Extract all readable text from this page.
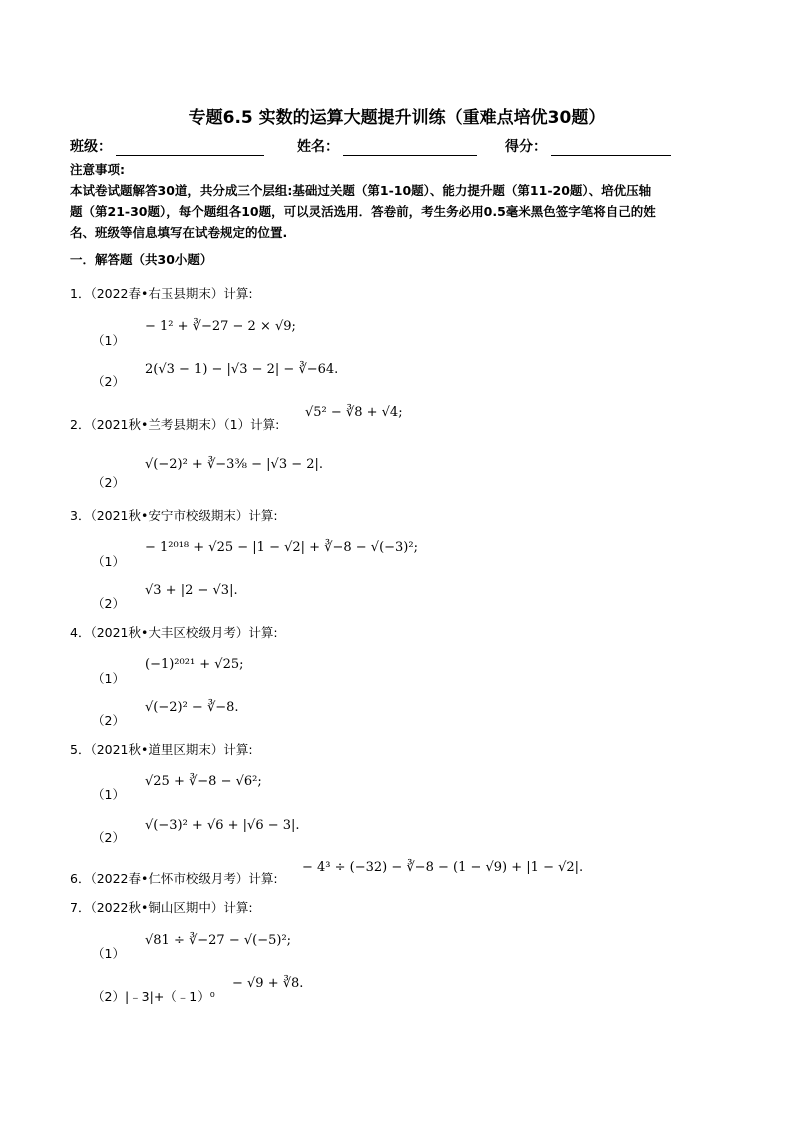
专题6.5 实数的运算大题提升训练（重难点培优30题）
班级：	姓名：	得分：
注意事项:
本试卷试题解答30道，共分成三个层组:基础过关题（第1-10题）、能力提升题（第11-20题）、培优压轴
题（第21-30题），每个题组各10题，可以灵活选用．答卷前，考生务必用0.5毫米黑色签字笔将自己的姓
名、班级等信息填写在试卷规定的位置.
一．解答题（共30小题）
1．（2022春•右玉县期末）计算:
（1）
− 1² + ∛−27 − 2 × √9;
（2）
2(√3 − 1) − |√3 − 2| − ∛−64.
2．（2021秋•兰考县期末）（1）计算:
√5² − ∛8 + √4;
（2）
√(−2)² + ∛−3⅜ − |√3 − 2|.
3．（2021秋•安宁市校级期末）计算:
（1）
− 1²⁰¹⁸ + √25 − |1 − √2| + ∛−8 − √(−3)²;
（2）
√3 + |2 − √3|.
4．（2021秋•大丰区校级月考）计算:
（1）
(−1)²⁰²¹ + √25;
（2）
√(−2)² − ∛−8.
5．（2021秋•道里区期末）计算:
（1）
√25 + ∛−8 − √6²;
（2）
√(−3)² + √6 + |√6 − 3|.
6．（2022春•仁怀市校级月考）计算:
− 4³ ÷ (−32) − ∛−8 − (1 − √9) + |1 − √2|.
7．（2022秋•铜山区期中）计算:
（1）
√81 ÷ ∛−27 − √(−5)²;
（2）|﹣3|+（﹣1）⁰
− √9 + ∛8.
